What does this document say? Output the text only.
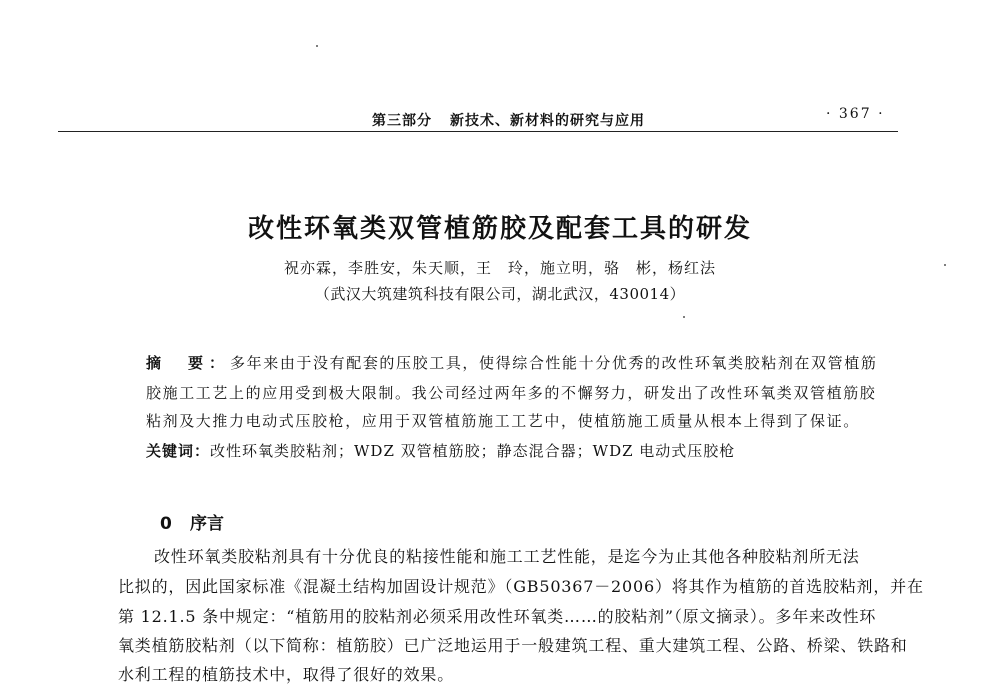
第三部分 新技术、新材料的研究与应用	· 367 ·
改性环氧类双管植筋胶及配套工具的研发
祝亦霖，李胜安，朱天顺，王　玲，施立明，骆　彬，杨红法
（武汉大筑建筑科技有限公司，湖北武汉，430014）
摘　要：多年来由于没有配套的压胶工具，使得综合性能十分优秀的改性环氧类胶粘剂在双管植筋
胶施工工艺上的应用受到极大限制。我公司经过两年多的不懈努力，研发出了改性环氧类双管植筋胶
粘剂及大推力电动式压胶枪，应用于双管植筋施工工艺中，使植筋施工质量从根本上得到了保证。
关键词：改性环氧类胶粘剂；WDZ 双管植筋胶；静态混合器；WDZ 电动式压胶枪
0 序言
改性环氧类胶粘剂具有十分优良的粘接性能和施工工艺性能，是迄今为止其他各种胶粘剂所无法
比拟的，因此国家标准《混凝土结构加固设计规范》（GB50367－2006）将其作为植筋的首选胶粘剂，并在
第 12.1.5 条中规定：“植筋用的胶粘剂必须采用改性环氧类……的胶粘剂”（原文摘录）。多年来改性环
氧类植筋胶粘剂（以下简称：植筋胶）已广泛地运用于一般建筑工程、重大建筑工程、公路、桥梁、铁路和
水利工程的植筋技术中，取得了很好的效果。
